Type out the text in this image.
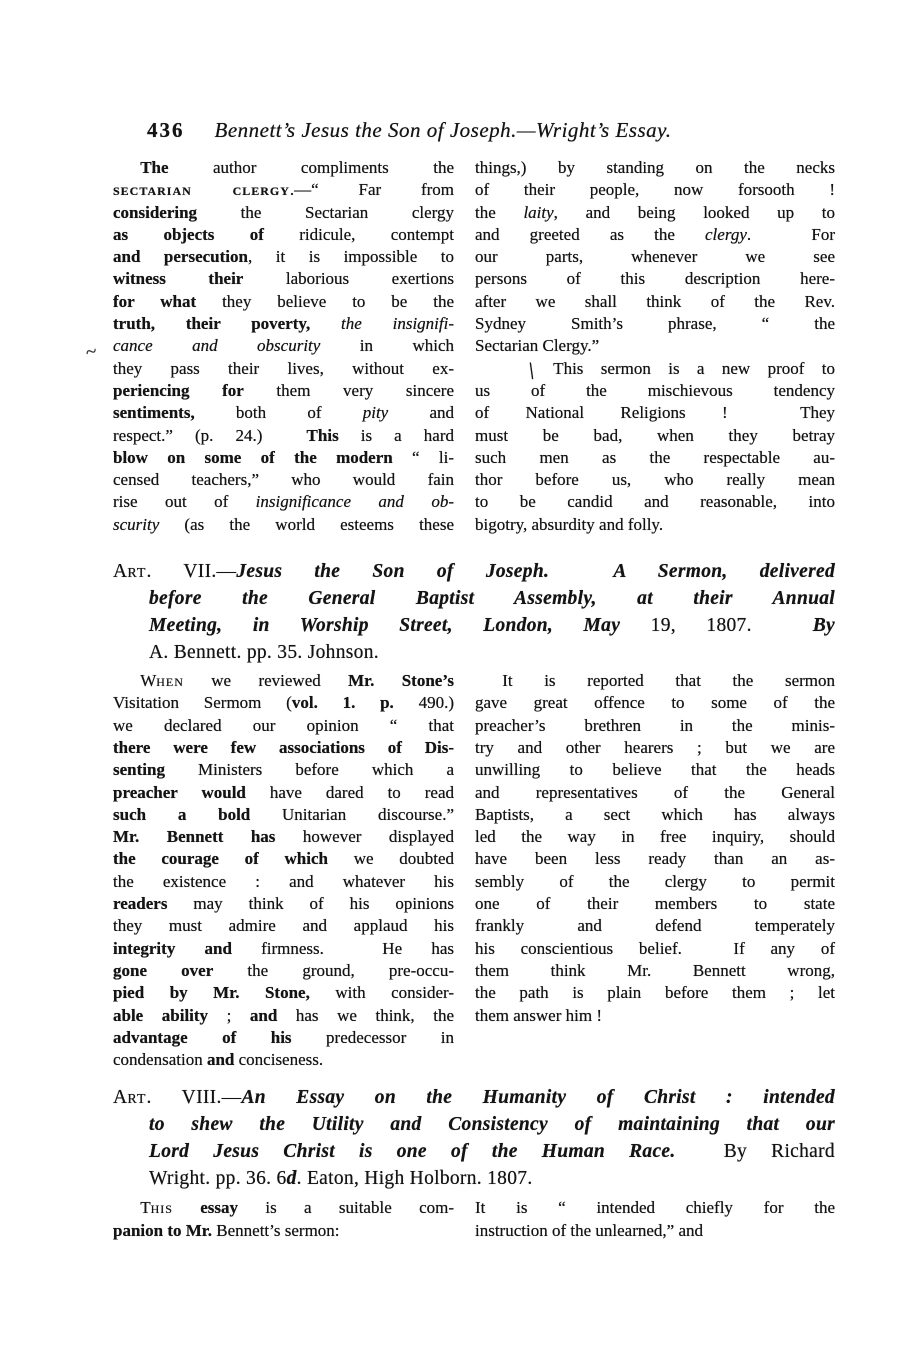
~
436 Bennett’s Jesus the Son of Joseph.—Wright’s Essay.
The author compliments the
sectarian clergy.—“ Far from
considering the Sectarian clergy
as objects of ridicule, contempt
and persecution, it is impossible to
witness their laborious exertions
for what they believe to be the
truth, their poverty, the insignifi-
cance and obscurity in which
they pass their lives, without ex-
periencing for them very sincere
sentiments, both of pity and
respect.” (p. 24.)  This is a hard
blow on some of the modern “ li-
censed teachers,” who would fain
rise out of insignificance and ob-
scurity (as the world esteems these
things,) by standing on the necks
of their people, now forsooth !
the laity, and being looked up to
and greeted as the clergy.  For
our parts, whenever we see
persons of this description here-
after we shall think of the Rev.
Sydney Smith’s phrase, “ the
Sectarian Clergy.”
\ This sermon is a new proof to
us of the mischievous tendency
of National Religions !  They
must be bad, when they betray
such men as the respectable au-
thor before us, who really mean
to be candid and reasonable, into
bigotry, absurdity and folly.
Art. VII.—Jesus the Son of Joseph.	A Sermon, delivered
before the General Baptist Assembly, at their Annual
Meeting, in Worship Street, London, May 19, 1807.  By
A. Bennett. pp. 35. Johnson.
When we reviewed Mr. Stone’s
Visitation Sermom (vol. 1. p. 490.)
we declared our opinion “ that
there were few associations of Dis-
senting Ministers before which a
preacher would have dared to read
such a bold Unitarian discourse.”
Mr. Bennett has however displayed
the courage of which we doubted
the existence : and whatever his
readers may think of his opinions
they must admire and applaud his
integrity and firmness.  He has
gone over the ground, pre-occu-
pied by Mr. Stone, with consider-
able ability ; and has we think, the
advantage of his predecessor in
condensation and conciseness.
It is reported that the sermon
gave great offence to some of the
preacher’s brethren in the minis-
try and other hearers ; but we are
unwilling to believe that the heads
and representatives of the General
Baptists, a sect which has always
led the way in free inquiry, should
have been less ready than an as-
sembly of the clergy to permit
one of their members to state
frankly and defend temperately
his conscientious belief.  If any of
them think Mr. Bennett wrong,
the path is plain before them ; let
them answer him !
Art. VIII.—An Essay on the Humanity of Christ : intended
to shew the Utility and Consistency of maintaining that our
Lord Jesus Christ is one of the Human Race.  By Richard
Wright. pp. 36. 6d. Eaton, High Holborn. 1807.
This essay is a suitable com-
panion to Mr. Bennett’s sermon:
It is “ intended chiefly for the
instruction of the unlearned,” and
